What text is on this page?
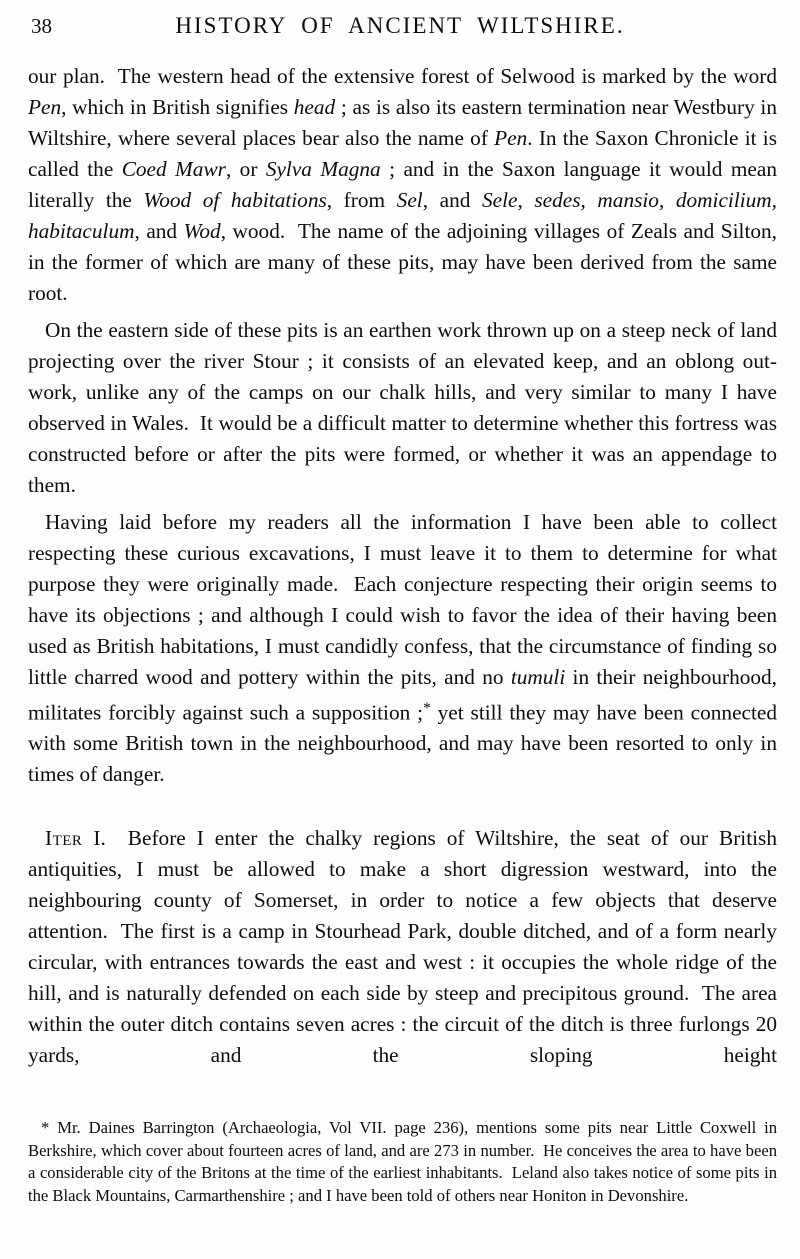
38	HISTORY OF ANCIENT WILTSHIRE.

our plan.  The western head of the extensive forest of Selwood is marked by the word Pen, which in British signifies head ; as is also its eastern termination near Westbury in Wiltshire, where several places bear also the name of Pen. In the Saxon Chronicle it is called the Coed Mawr, or Sylva Magna ; and in the Saxon language it would mean literally the Wood of habitations, from Sel, and Sele, sedes, mansio, domicilium, habitaculum, and Wod, wood.  The name of the adjoining villages of Zeals and Silton, in the former of which are many of these pits, may have been derived from the same root.

On the eastern side of these pits is an earthen work thrown up on a steep neck of land projecting over the river Stour ; it consists of an elevated keep, and an oblong out-work, unlike any of the camps on our chalk hills, and very similar to many I have observed in Wales.  It would be a difficult matter to determine whether this fortress was constructed before or after the pits were formed, or whether it was an appendage to them.

Having laid before my readers all the information I have been able to collect respecting these curious excavations, I must leave it to them to determine for what purpose they were originally made.  Each conjecture respecting their origin seems to have its objections ; and although I could wish to favor the idea of their having been used as British habitations, I must candidly confess, that the circumstance of finding so little charred wood and pottery within the pits, and no tumuli in their neighbourhood, militates forcibly against such a supposition ;* yet still they may have been connected with some British town in the neighbourhood, and may have been resorted to only in times of danger.

Iter I.  Before I enter the chalky regions of Wiltshire, the seat of our British antiquities, I must be allowed to make a short digression westward, into the neighbouring county of Somerset, in order to notice a few objects that deserve attention.  The first is a camp in Stourhead Park, double ditched, and of a form nearly circular, with entrances towards the east and west : it occupies the whole ridge of the hill, and is naturally defended on each side by steep and precipitous ground.  The area within the outer ditch contains seven acres : the circuit of the ditch is three furlongs 20 yards, and the sloping height

* Mr. Daines Barrington (Archaeologia, Vol VII. page 236), mentions some pits near Little Coxwell in Berkshire, which cover about fourteen acres of land, and are 273 in number.  He conceives the area to have been a considerable city of the Britons at the time of the earliest inhabitants.  Leland also takes notice of some pits in the Black Mountains, Carmarthenshire ; and I have been told of others near Honiton in Devonshire.
